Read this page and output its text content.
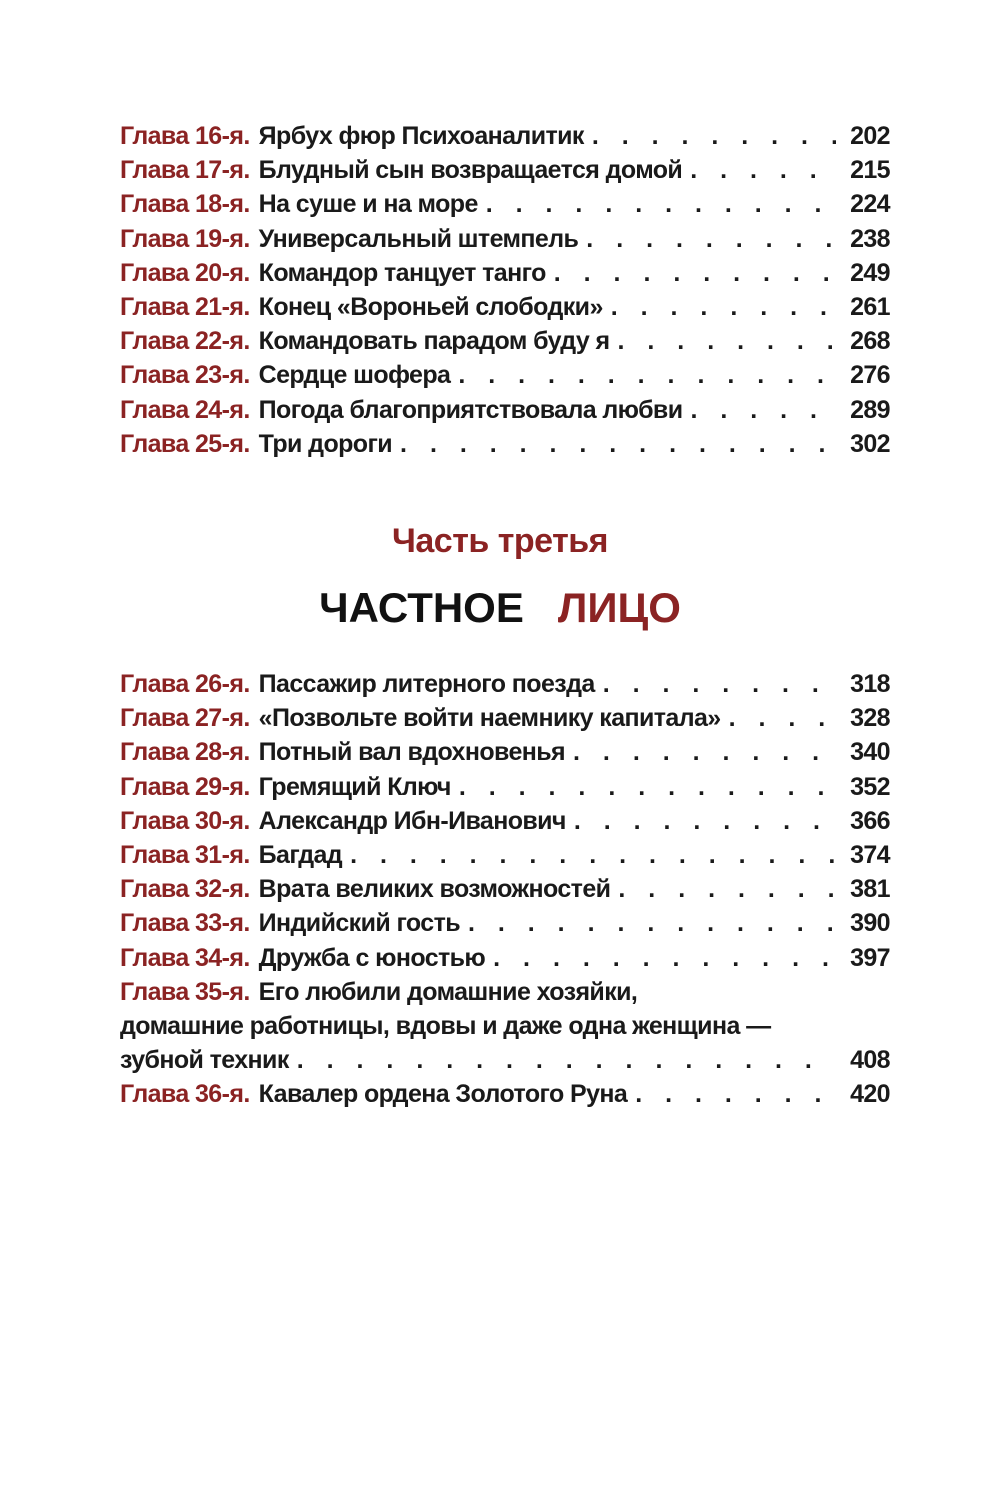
Глава 16-я. Ярбух фюр Психоаналитик . . .	202
Глава 17-я. Блудный сын возвращается домой . . .	215
Глава 18-я. На суше и на море . . .	224
Глава 19-я. Универсальный штемпель . . .	238
Глава 20-я. Командор танцует танго . . .	249
Глава 21-я. Конец «Вороньей слободки» . . .	261
Глава 22-я. Командовать парадом буду я . . .	268
Глава 23-я. Сердце шофера . . .	276
Глава 24-я. Погода благоприятствовала любви . . .	289
Глава 25-я. Три дороги . . .	302
Часть третья
ЧАСТНОЕ ЛИЦО
Глава 26-я. Пассажир литерного поезда . . .	318
Глава 27-я. «Позвольте войти наемнику капитала» . . .	328
Глава 28-я. Потный вал вдохновенья . . .	340
Глава 29-я. Гремящий Ключ . . .	352
Глава 30-я. Александр Ибн-Иванович . . .	366
Глава 31-я. Багдад . . .	374
Глава 32-я. Врата великих возможностей . . .	381
Глава 33-я. Индийский гость . . .	390
Глава 34-я. Дружба с юностью . . .	397
Глава 35-я. Его любили домашние хозяйки,
домашние работницы, вдовы и даже одна женщина —
зубной техник . . .	408
Глава 36-я. Кавалер ордена Золотого Руна . . .	420
